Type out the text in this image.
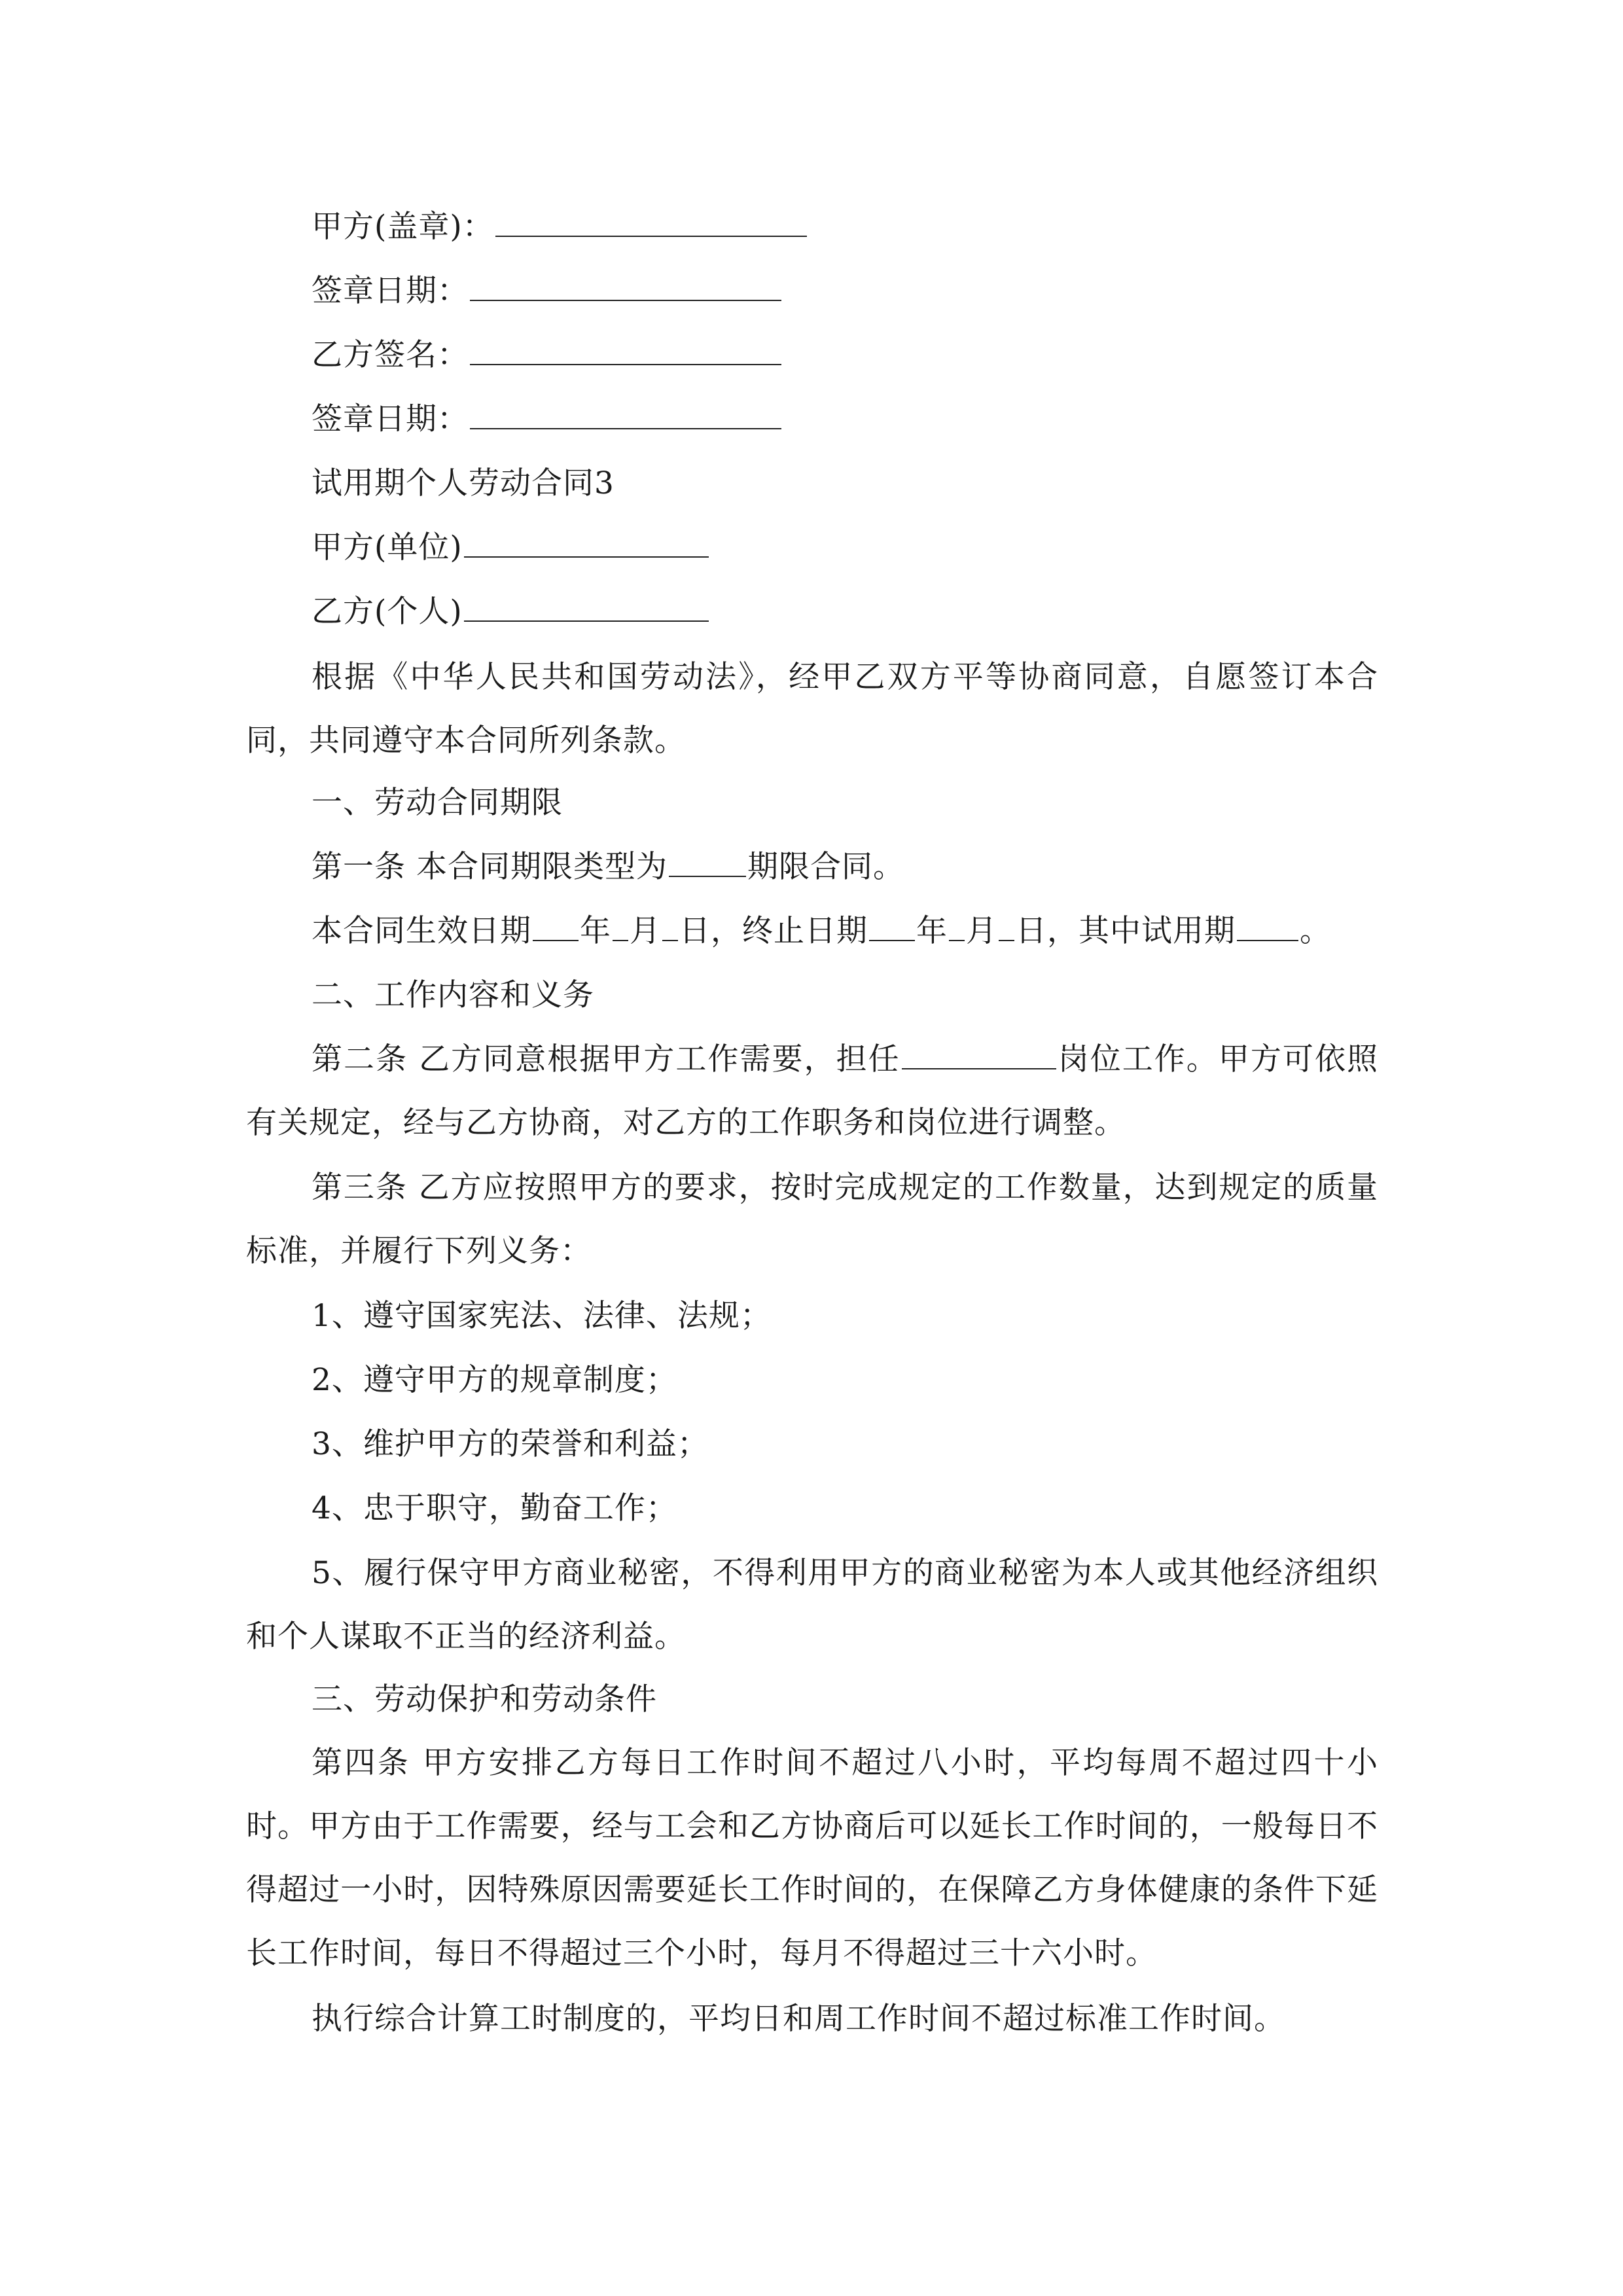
甲方(盖章)：
签章日期：
乙方签名：
签章日期：
试用期个人劳动合同3
甲方(单位)
乙方(个人)
根据《中华人民共和国劳动法》，经甲乙双方平等协商同意，自愿签订本合同，共同遵守本合同所列条款。
一、劳动合同期限
第一条 本合同期限类型为	期限合同。
本合同生效日期 年 月 日，终止日期 年 月 日，其中试用期 。
二、工作内容和义务
第二条 乙方同意根据甲方工作需要，担任	岗位工作。甲方可依照有关规定，经与乙方协商，对乙方的工作职务和岗位进行调整。
第三条 乙方应按照甲方的要求，按时完成规定的工作数量，达到规定的质量标准，并履行下列义务：
1、遵守国家宪法、法律、法规；
2、遵守甲方的规章制度；
3、维护甲方的荣誉和利益；
4、忠于职守，勤奋工作；
5、履行保守甲方商业秘密，不得利用甲方的商业秘密为本人或其他经济组织和个人谋取不正当的经济利益。
三、劳动保护和劳动条件
第四条 甲方安排乙方每日工作时间不超过八小时，平均每周不超过四十小时。甲方由于工作需要，经与工会和乙方协商后可以延长工作时间的，一般每日不得超过一小时，因特殊原因需要延长工作时间的，在保障乙方身体健康的条件下延长工作时间，每日不得超过三个小时，每月不得超过三十六小时。
执行综合计算工时制度的，平均日和周工作时间不超过标准工作时间。
